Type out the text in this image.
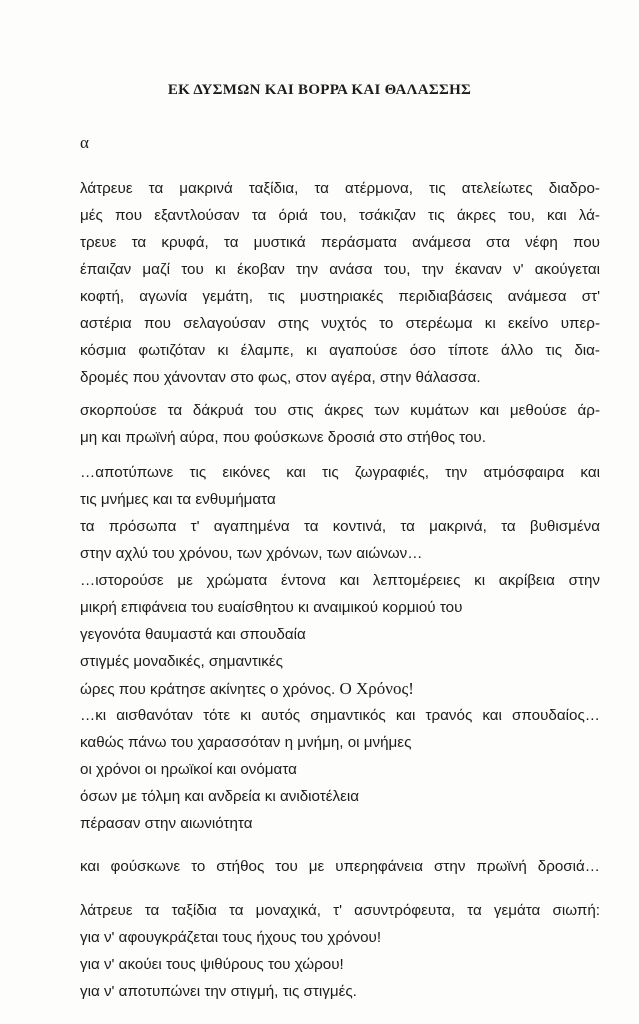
ΕΚ ΔΥΣΜΩΝ ΚΑΙ ΒΟΡΡΑ ΚΑΙ ΘΑΛΑΣΣΗΣ

α

λάτρευε τα μακρινά ταξίδια, τα ατέρμονα, τις ατελείωτες διαδρο-

μές που εξαντλούσαν τα όριά του, τσάκιζαν τις άκρες του, και λά-

τρευε τα κρυφά, τα μυστικά περάσματα ανάμεσα στα νέφη που

έπαιζαν μαζί του κι έκοβαν την ανάσα του, την έκαναν ν' ακούγεται

κοφτή, αγωνία γεμάτη, τις μυστηριακές περιδιαβάσεις ανάμεσα στ'

αστέρια που σελαγούσαν στης νυχτός το στερέωμα κι εκείνο υπερ-

κόσμια φωτιζόταν κι έλαμπε, κι αγαπούσε όσο τίποτε άλλο τις δια-

δρομές που χάνονταν στο φως, στον αγέρα, στην θάλασσα.

σκορπούσε τα δάκρυά του στις άκρες των κυμάτων και μεθούσε άρ-

μη και πρωϊνή αύρα, που φούσκωνε δροσιά στο στήθος του.

…αποτύπωνε τις εικόνες και τις ζωγραφιές, την ατμόσφαιρα και

τις μνήμες και τα ενθυμήματα

τα πρόσωπα τ' αγαπημένα τα κοντινά, τα μακρινά, τα βυθισμένα

στην αχλύ του χρόνου, των χρόνων, των αιώνων…

…ιστορούσε με χρώματα έντονα και λεπτομέρειες κι ακρίβεια στην

μικρή επιφάνεια του ευαίσθητου κι αναιμικού κορμιού του

γεγονότα θαυμαστά και σπουδαία

στιγμές μοναδικές, σημαντικές

ώρες που κράτησε ακίνητες ο χρόνος. Ο Χρόνος!

…κι αισθανόταν τότε κι αυτός σημαντικός και τρανός και σπουδαίος…

καθώς πάνω του χαρασσόταν η μνήμη, οι μνήμες

οι χρόνοι οι ηρωϊκοί και ονόματα

όσων με τόλμη και ανδρεία κι ανιδιοτέλεια

πέρασαν στην αιωνιότητα

και φούσκωνε το στήθος του με υπερηφάνεια στην πρωϊνή δροσιά…

λάτρευε τα ταξίδια τα μοναχικά, τ' ασυντρόφευτα, τα γεμάτα σιωπή:

για ν' αφουγκράζεται τους ήχους του χρόνου!

για ν' ακούει τους ψιθύρους του χώρου!

για ν' αποτυπώνει την στιγμή, τις στιγμές.
